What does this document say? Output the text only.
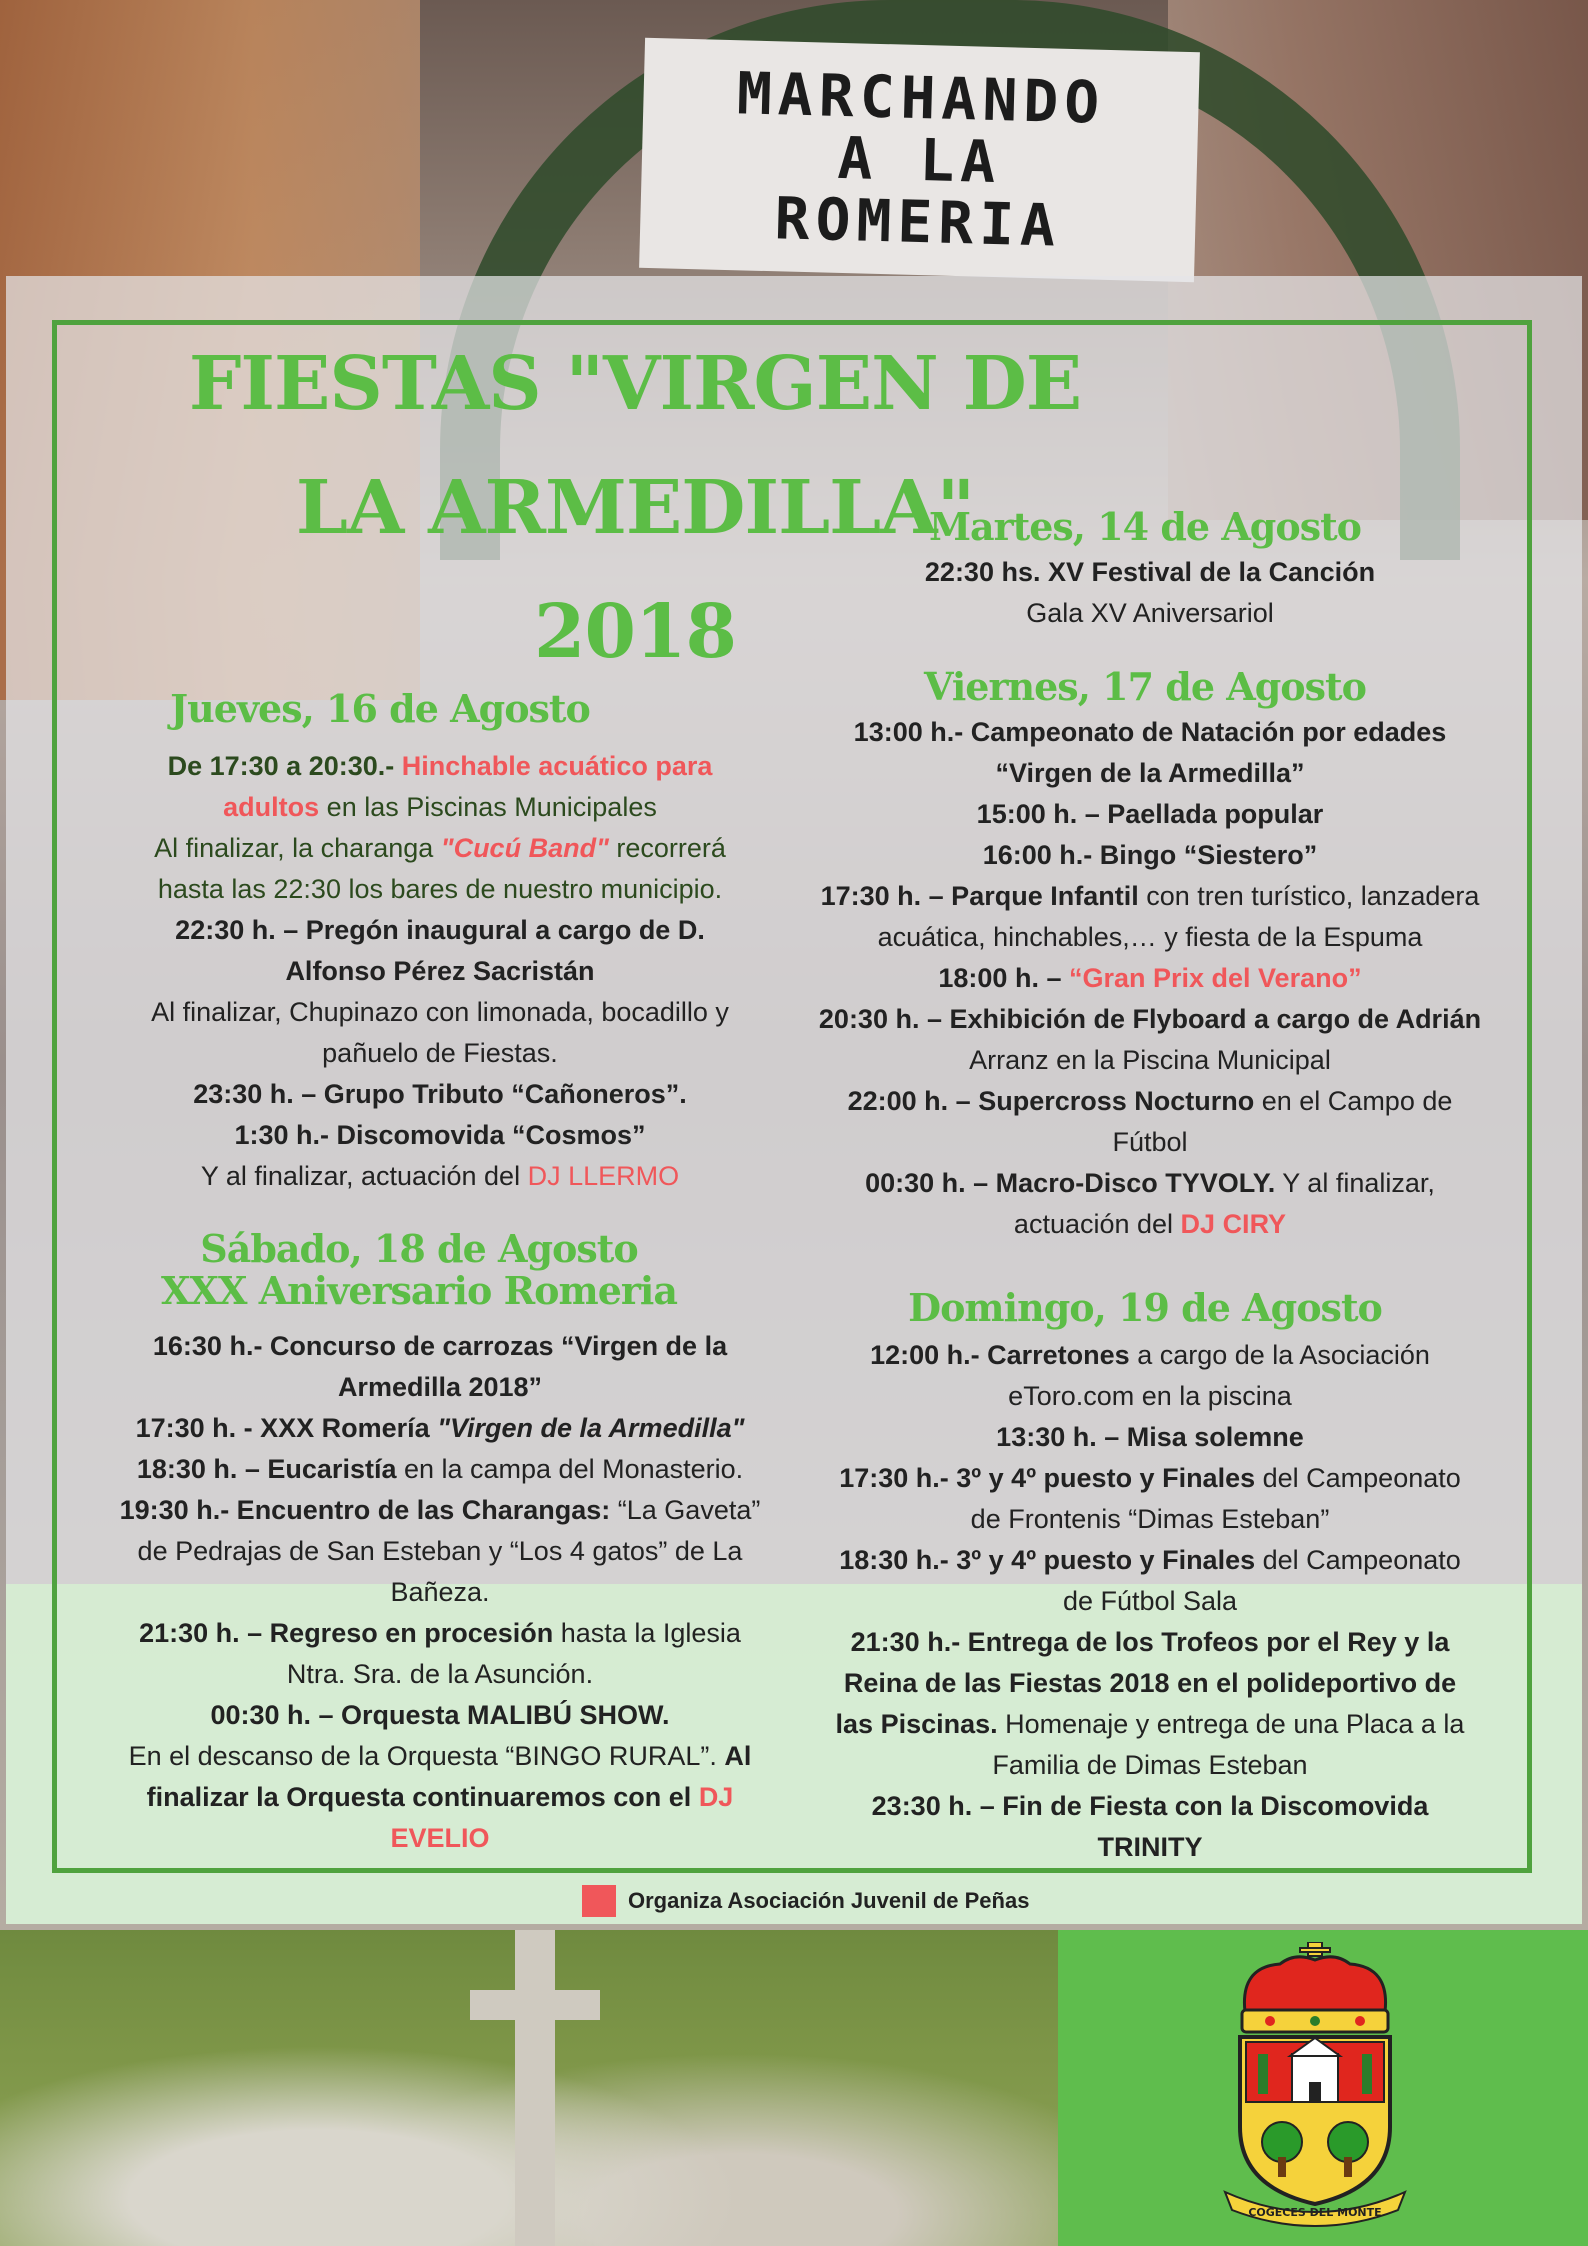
MARCHANDO
A LA
ROMERIA
FIESTAS "VIRGEN DE
LA ARMEDILLA"
2018

Jueves, 16 de Agosto

De 17:30 a 20:30.- Hinchable acuático para

adultos en las Piscinas Municipales

Al finalizar, la charanga "Cucú Band" recorrerá

hasta las 22:30 los bares de nuestro municipio.

22:30 h. – Pregón inaugural a cargo de D.

Alfonso Pérez Sacristán

Al finalizar, Chupinazo con limonada, bocadillo y

pañuelo de Fiestas.

23:30 h. – Grupo Tributo “Cañoneros”.

1:30 h.- Discomovida “Cosmos”

Y al finalizar, actuación del DJ LLERMO

Sábado, 18 de Agosto

XXX Aniversario Romeria

16:30 h.- Concurso de carrozas “Virgen de la

Armedilla 2018”

17:30 h. - XXX Romería "Virgen de la Armedilla"

18:30 h. – Eucaristía en la campa del Monasterio.

19:30 h.- Encuentro de las Charangas: “La Gaveta”

de Pedrajas de San Esteban y “Los 4 gatos” de La

Bañeza.

21:30 h. – Regreso en procesión hasta la Iglesia

Ntra. Sra. de la Asunción.

00:30 h. – Orquesta MALIBÚ SHOW.

En el descanso de la Orquesta “BINGO RURAL”. Al

finalizar la Orquesta continuaremos con el DJ

EVELIO

Martes, 14 de Agosto

22:30 hs. XV Festival de la Canción

Gala XV Aniversariol

Viernes, 17 de Agosto

13:00 h.- Campeonato de Natación por edades

“Virgen de la Armedilla”

15:00 h. – Paellada popular

16:00 h.- Bingo “Siestero”

17:30 h. – Parque Infantil con tren turístico, lanzadera

acuática, hinchables,… y fiesta de la Espuma

18:00 h. – “Gran Prix del Verano”

20:30 h. – Exhibición de Flyboard a cargo de Adrián

Arranz en la Piscina Municipal

22:00 h. – Supercross Nocturno en el Campo de

Fútbol

00:30 h. – Macro-Disco TYVOLY. Y al finalizar,

actuación del DJ CIRY

Domingo, 19 de Agosto

12:00 h.- Carretones a cargo de la Asociación

eToro.com en la piscina

13:30 h. – Misa solemne

17:30 h.- 3º y 4º puesto y Finales del Campeonato

de Frontenis “Dimas Esteban”

18:30 h.- 3º y 4º puesto y Finales del Campeonato

de Fútbol Sala

21:30 h.- Entrega de los Trofeos por el Rey y la

Reina de las Fiestas 2018 en el polideportivo de

las Piscinas. Homenaje y entrega de una Placa a la

Familia de Dimas Esteban

23:30 h. – Fin de Fiesta con la Discomovida

TRINITY

Organiza Asociación Juvenil de Peñas
COGECES DEL MONTE
